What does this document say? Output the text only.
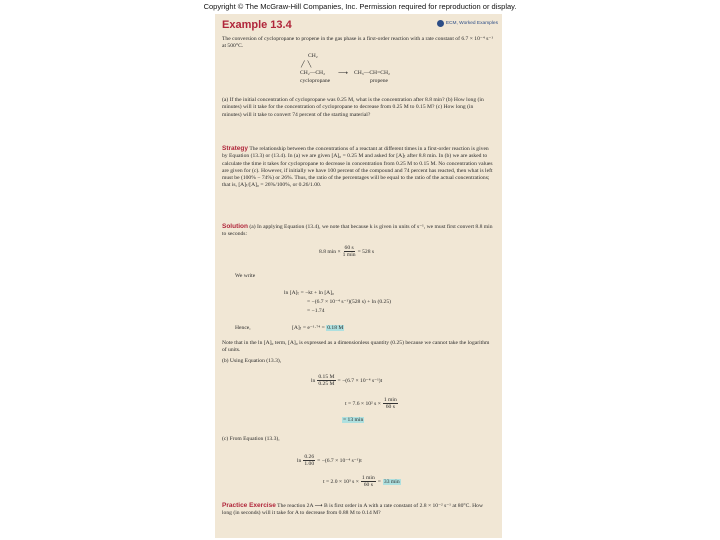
Copyright © The McGraw-Hill Companies, Inc. Permission required for reproduction or display.
Example 13.4	ECM, Worked Examples
The conversion of cyclopropane to propene in the gas phase is a first-order reaction with a rate constant of 6.7 × 10⁻⁴ s⁻¹ at 500°C.
CH₂
╱  ╲
CH₂—CH₂ ⟶ CH₃—CH=CH₂
cyclopropane	propene
(a) If the initial concentration of cyclopropane was 0.25 M, what is the concentration after 8.8 min? (b) How long (in minutes) will it take for the concentration of cyclopropane to decrease from 0.25 M to 0.15 M? (c) How long (in minutes) will it take to convert 74 percent of the starting material?
Strategy The relationship between the concentrations of a reactant at different times in a first-order reaction is given by Equation (13.3) or (13.4). In (a) we are given [A]₀ = 0.25 M and asked for [A]ₜ after 8.8 min. In (b) we are asked to calculate the time it takes for cyclopropane to decrease in concentration from 0.25 M to 0.15 M. No concentration values are given for (c). However, if initially we have 100 percent of the compound and 74 percent has reacted, then what is left must be (100% − 74%) or 26%. Thus, the ratio of the percentages will be equal to the ratio of the actual concentrations; that is, [A]ₜ/[A]₀ = 26%/100%, or 0.26/1.00.
Solution (a) In applying Equation (13.4), we note that because k is given in units of s⁻¹, we must first convert 8.8 min to seconds:
8.8 $\min \times \frac{60 s}{1 \min} = 528$ s
We write
ln [A]ₜ = −kt + ln [A]₀
= −(6.7 × 10⁻⁴ s⁻¹)(528 s) + ln (0.25)
= −1.74
Hence,	[A]ₜ = e⁻¹·⁷⁴ = 0.18 M
Note that in the ln [A]₀ term, [A]₀ is expressed as a dimensionless quantity (0.25) because we cannot take the logarithm of units.
(b) Using Equation (13.3),
$\ln \frac{0.15 M}{0.25 M} = -(6.7 \times 10^{-4}$ s⁻¹)t
t = 7.6 × 10² $s \times \frac{1 \min}{60 s}$
= 13 min
(c) From Equation (13.3),
$\ln \frac{0.26}{1.00} = -(6.7 \times 10^{-4}$ s⁻¹)t
t = 2.0 × 10³ $s \times \frac{1 \min}{60 s} = 33$ min
Practice Exercise The reaction 2A ⟶ B is first order in A with a rate constant of 2.8 × 10⁻² s⁻¹ at 80°C. How long (in seconds) will it take for A to decrease from 0.88 M to 0.14 M?
